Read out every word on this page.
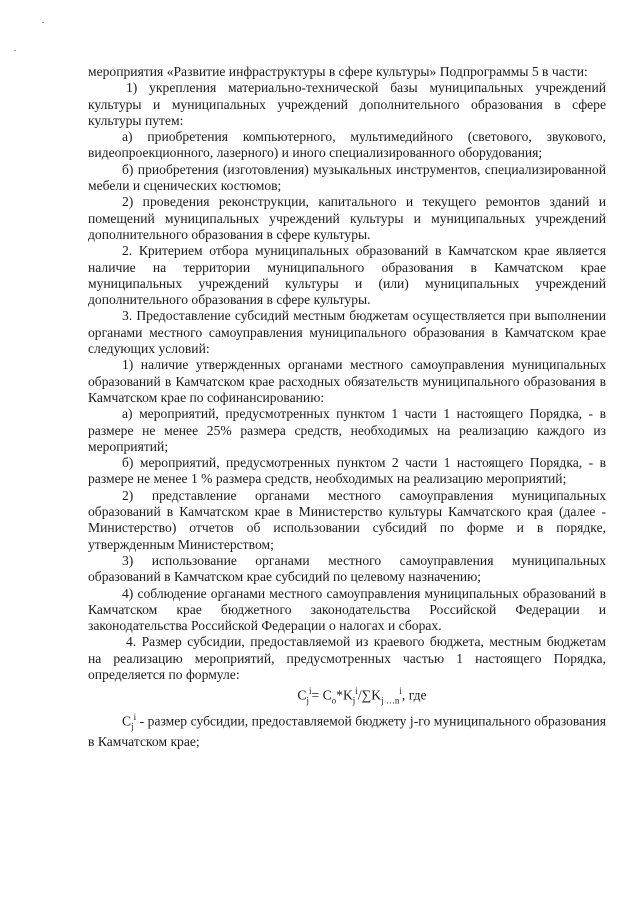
мероприятия «Развитие инфраструктуры в сфере культуры» Подпрограммы 5 в части:

1) укрепления материально-технической базы муниципальных учреждений культуры и муниципальных учреждений дополнительного образования в сфере культуры путем:

а) приобретения компьютерного, мультимедийного (светового, звукового, видеопроекционного, лазерного) и иного специализированного оборудования;

б) приобретения (изготовления) музыкальных инструментов, специализированной мебели и сценических костюмов;

2) проведения реконструкции, капитального и текущего ремонтов зданий и помещений муниципальных учреждений культуры и муниципальных учреждений дополнительного образования в сфере культуры.

2. Критерием отбора муниципальных образований в Камчатском крае является наличие на территории муниципального образования в Камчатском крае муниципальных учреждений культуры и (или) муниципальных учреждений дополнительного образования в сфере культуры.

3. Предоставление субсидий местным бюджетам осуществляется при выполнении органами местного самоуправления муниципального образования в Камчатском крае следующих условий:

1) наличие утвержденных органами местного самоуправления муниципальных образований в Камчатском крае расходных обязательств муниципального образования в Камчатском крае по софинансированию:

а) мероприятий, предусмотренных пунктом 1 части 1 настоящего Порядка, - в размере не менее 25% размера средств, необходимых на реализацию каждого из мероприятий;

б) мероприятий, предусмотренных пунктом 2 части 1 настоящего Порядка, - в размере не менее 1 % размера средств, необходимых на реализацию мероприятий;

2) представление органами местного самоуправления муниципальных образований в Камчатском крае в Министерство культуры Камчатского края (далее - Министерство) отчетов об использовании субсидий по форме и в порядке, утвержденным Министерством;

3) использование органами местного самоуправления муниципальных образований в Камчатском крае субсидий по целевому назначению;

4) соблюдение органами местного самоуправления муниципальных образований в Камчатском крае бюджетного законодательства Российской Федерации и законодательства Российской Федерации о налогах и сборах.

4. Размер субсидии, предоставляемой из краевого бюджета, местным бюджетам на реализацию мероприятий, предусмотренных частью 1 настоящего Порядка, определяется по формуле:

$C_j^i= C_o*K_j^i/\sum K_{j \dots n}^i$, где

$C_j^i$ - размер субсидии, предоставляемой бюджету j-го муниципального образования в Камчатском крае;
